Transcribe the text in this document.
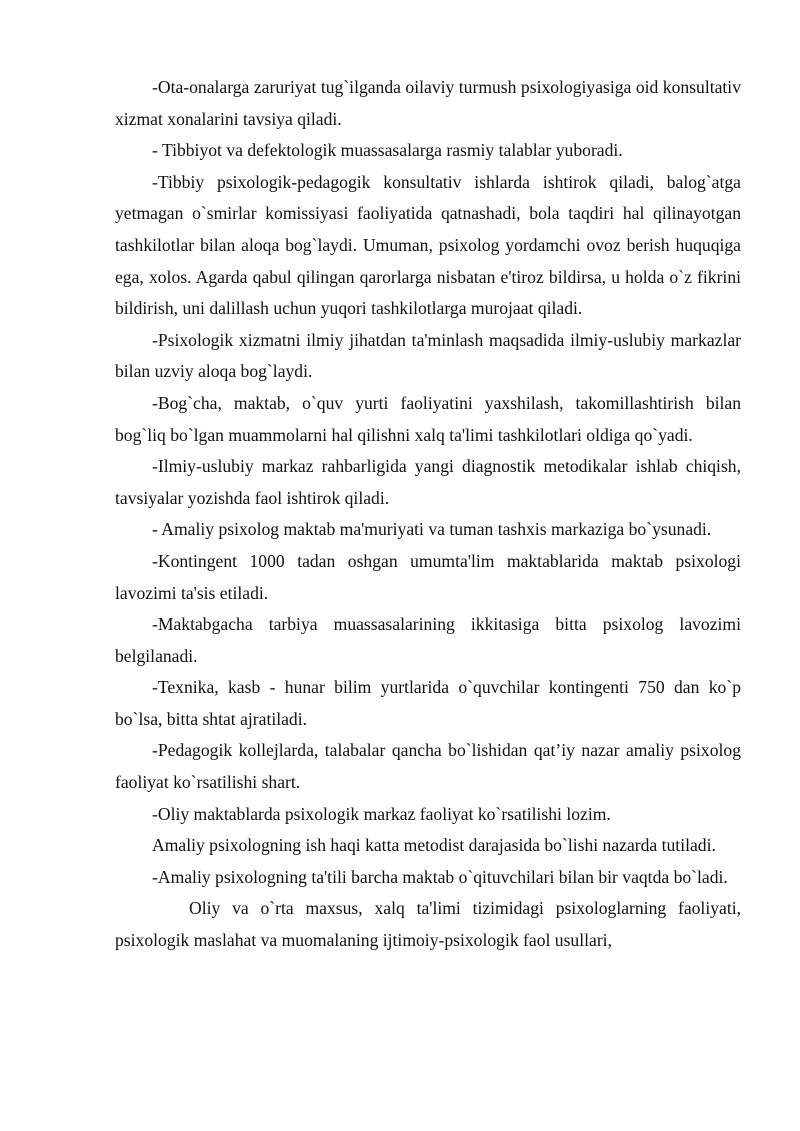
-Ota-onalarga zaruriyat tug`ilganda oilaviy turmush psixologiyasiga oid konsultativ xizmat xonalarini tavsiya qiladi.

- Tibbiyot va defektologik muassasalarga rasmiy talablar yuboradi.

-Tibbiy psixologik-pedagogik konsultativ ishlarda ishtirok qiladi, balog`atga yetmagan o`smirlar komissiyasi faoliyatida qatnashadi, bola taqdiri hal qilinayotgan tashkilotlar bilan aloqa bog`laydi. Umuman, psixolog yordamchi ovoz berish huquqiga ega, xolos. Agarda qabul qilingan qarorlarga nisbatan e'tiroz bildirsa, u holda o`z fikrini bildirish, uni dalillash uchun yuqori tashkilotlarga murojaat qiladi.

-Psixologik xizmatni ilmiy jihatdan ta'minlash maqsadida ilmiy-uslubiy markazlar bilan uzviy aloqa bog`laydi.

-Bog`cha, maktab, o`quv yurti faoliyatini yaxshilash, takomillashtirish bilan bog`liq bo`lgan muammolarni hal qilishni xalq ta'limi tashkilotlari oldiga qo`yadi.

-Ilmiy-uslubiy markaz rahbarligida yangi diagnostik metodikalar ishlab chiqish, tavsiyalar yozishda faol ishtirok qiladi.

- Amaliy psixolog maktab ma'muriyati va tuman tashxis markaziga bo`ysunadi.

-Kontingent 1000 tadan oshgan umumta'lim maktablarida maktab psixologi lavozimi ta'sis etiladi.

-Maktabgacha tarbiya muassasalarining ikkitasiga bitta psixolog lavozimi belgilanadi.

-Texnika, kasb - hunar bilim yurtlarida o`quvchilar kontingenti 750 dan ko`p bo`lsa, bitta shtat ajratiladi.

-Pedagogik kollejlarda, talabalar qancha bo`lishidan qat’iy nazar amaliy psixolog faoliyat ko`rsatilishi shart.

-Oliy maktablarda psixologik markaz faoliyat ko`rsatilishi lozim.

Amaliy psixologning ish haqi katta metodist darajasida bo`lishi nazarda tutiladi.

-Amaliy psixologning ta'tili barcha maktab o`qituvchilari bilan bir vaqtda bo`ladi.

Oliy va o`rta maxsus, xalq ta'limi tizimidagi psixologlarning faoliyati, psixologik maslahat va muomalaning ijtimoiy-psixologik faol usullari,
